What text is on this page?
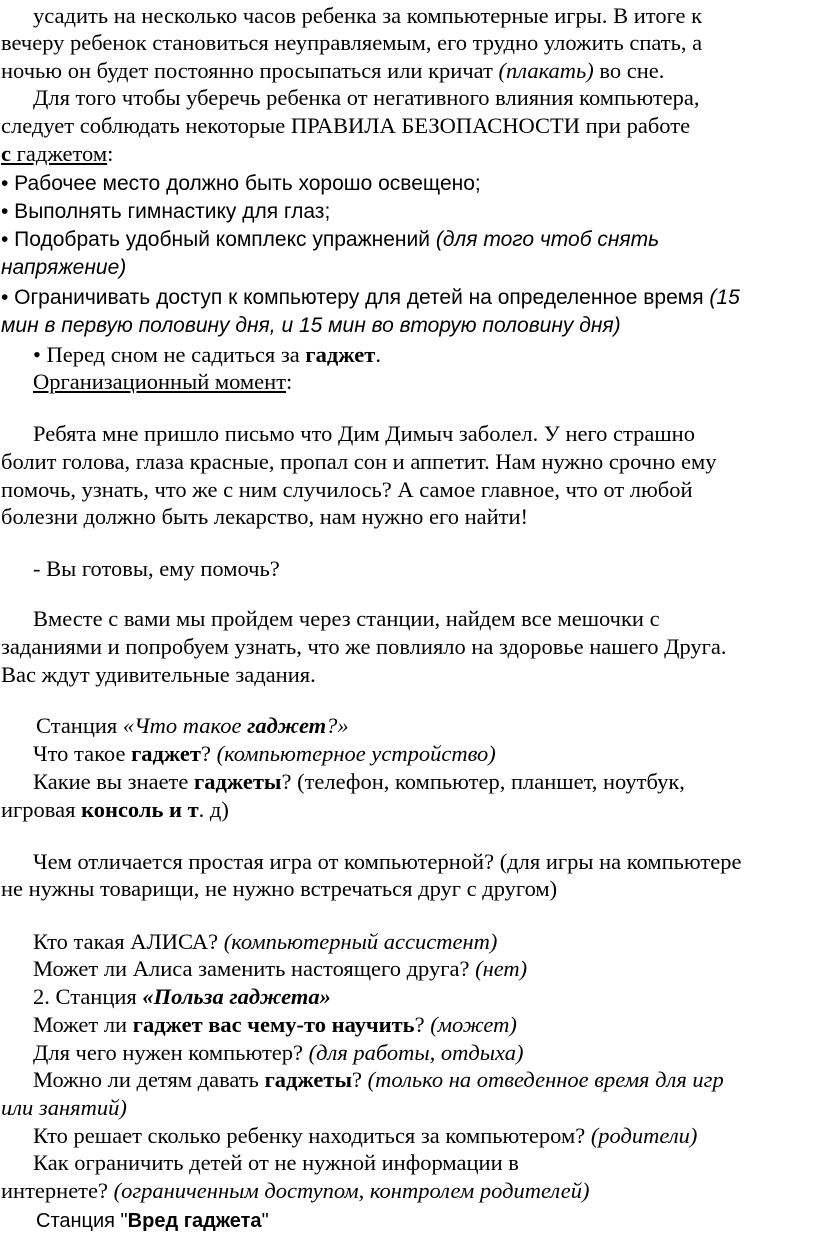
усадить на несколько часов ребенка за компьютерные игры. В итоге к
вечеру ребенок становиться неуправляемым, его трудно уложить спать, а
ночью он будет постоянно просыпаться или кричат (плакать) во сне.
Для того чтобы уберечь ребенка от негативного влияния компьютера,
следует соблюдать некоторые ПРАВИЛА БЕЗОПАСНОСТИ при работе
с гаджетом:
• Рабочее место должно быть хорошо освещено;
• Выполнять гимнастику для глаз;
• Подобрать удобный комплекс упражнений (для того чтоб снять
напряжение)
• Ограничивать доступ к компьютеру для детей на определенное время (15
мин в первую половину дня, и 15 мин во вторую половину дня)
• Перед сном не садиться за гаджет.
Организационный момент:
Ребята мне пришло письмо что Дим Димыч заболел. У него страшно
болит голова, глаза красные, пропал сон и аппетит. Нам нужно срочно ему
помочь, узнать, что же с ним случилось? А самое главное, что от любой
болезни должно быть лекарство, нам нужно его найти!
- Вы готовы, ему помочь?
Вместе с вами мы пройдем через станции, найдем все мешочки с
заданиями и попробуем узнать, что же повлияло на здоровье нашего Друга.
Вас ждут удивительные задания.
Станция «Что такое гаджет?»
Что такое гаджет? (компьютерное устройство)
Какие вы знаете гаджеты? (телефон, компьютер, планшет, ноутбук,
игровая консоль и т. д)
Чем отличается простая игра от компьютерной? (для игры на компьютере
не нужны товарищи, не нужно встречаться друг с другом)
Кто такая АЛИСА? (компьютерный ассистент)
Может ли Алиса заменить настоящего друга? (нет)
2. Станция «Польза гаджета»
Может ли гаджет вас чему-то научить? (может)
Для чего нужен компьютер? (для работы, отдыха)
Можно ли детям давать гаджеты? (только на отведенное время для игр
или занятий)
Кто решает сколько ребенку находиться за компьютером? (родители)
Как ограничить детей от не нужной информации в
интернете? (ограниченным доступом, контролем родителей)
Станция "Вред гаджета"
